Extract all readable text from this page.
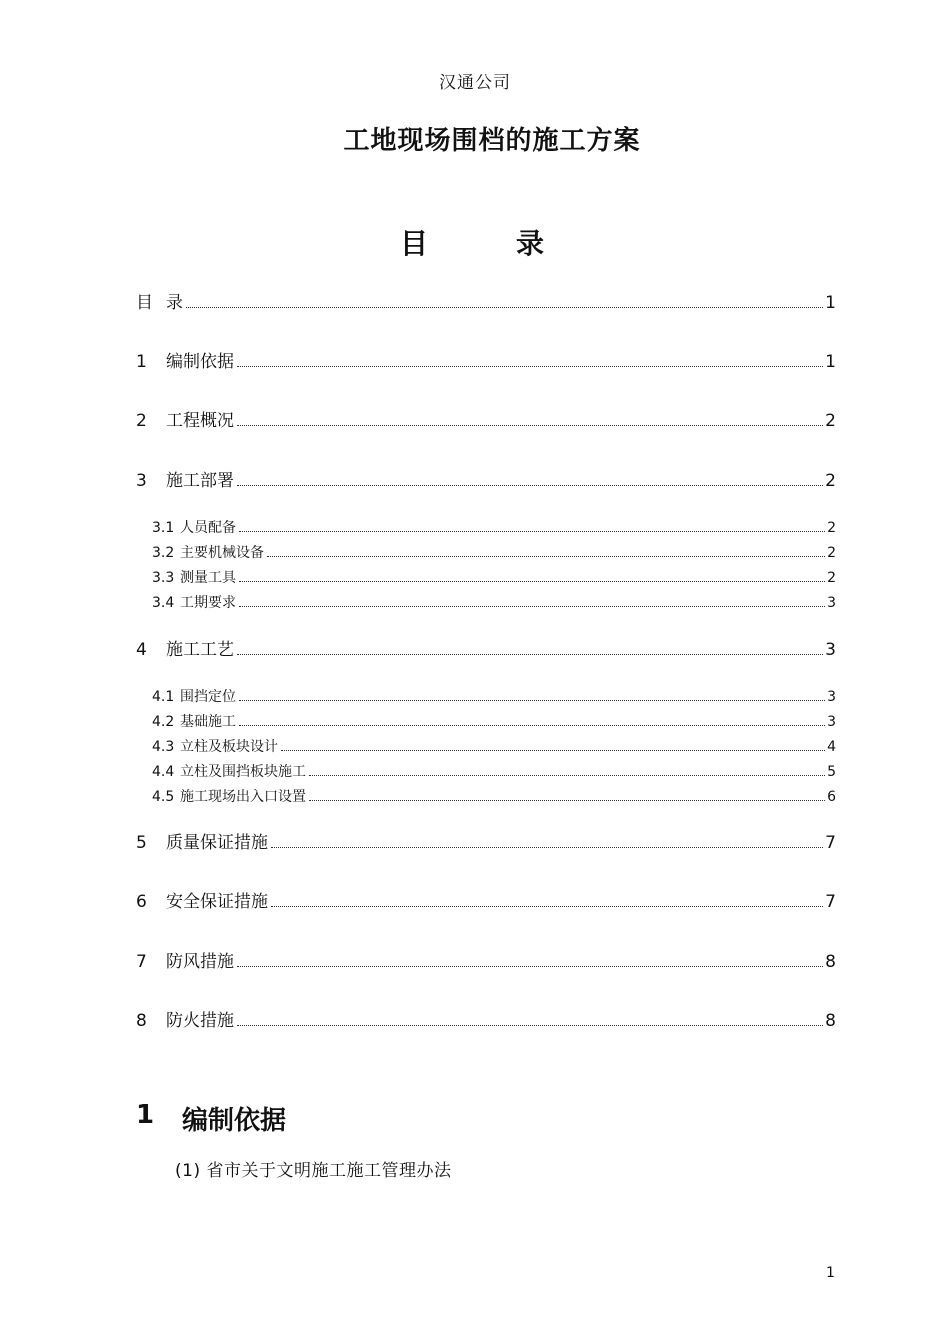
汉通公司
工地现场围档的施工方案
目　录
目 录	1
1	编制依据	1
2	工程概况	2
3	施工部署	2
3.1 人员配备	2
3.2 主要机械设备	2
3.3 测量工具	2
3.4 工期要求	3
4	施工工艺	3
4.1 围挡定位	3
4.2 基础施工	3
4.3 立柱及板块设计	4
4.4 立柱及围挡板块施工	5
4.5 施工现场出入口设置	6
5	质量保证措施	7
6	安全保证措施	7
7	防风措施	8
8	防火措施	8
1	编制依据
(1) 省市关于文明施工施工管理办法
1
